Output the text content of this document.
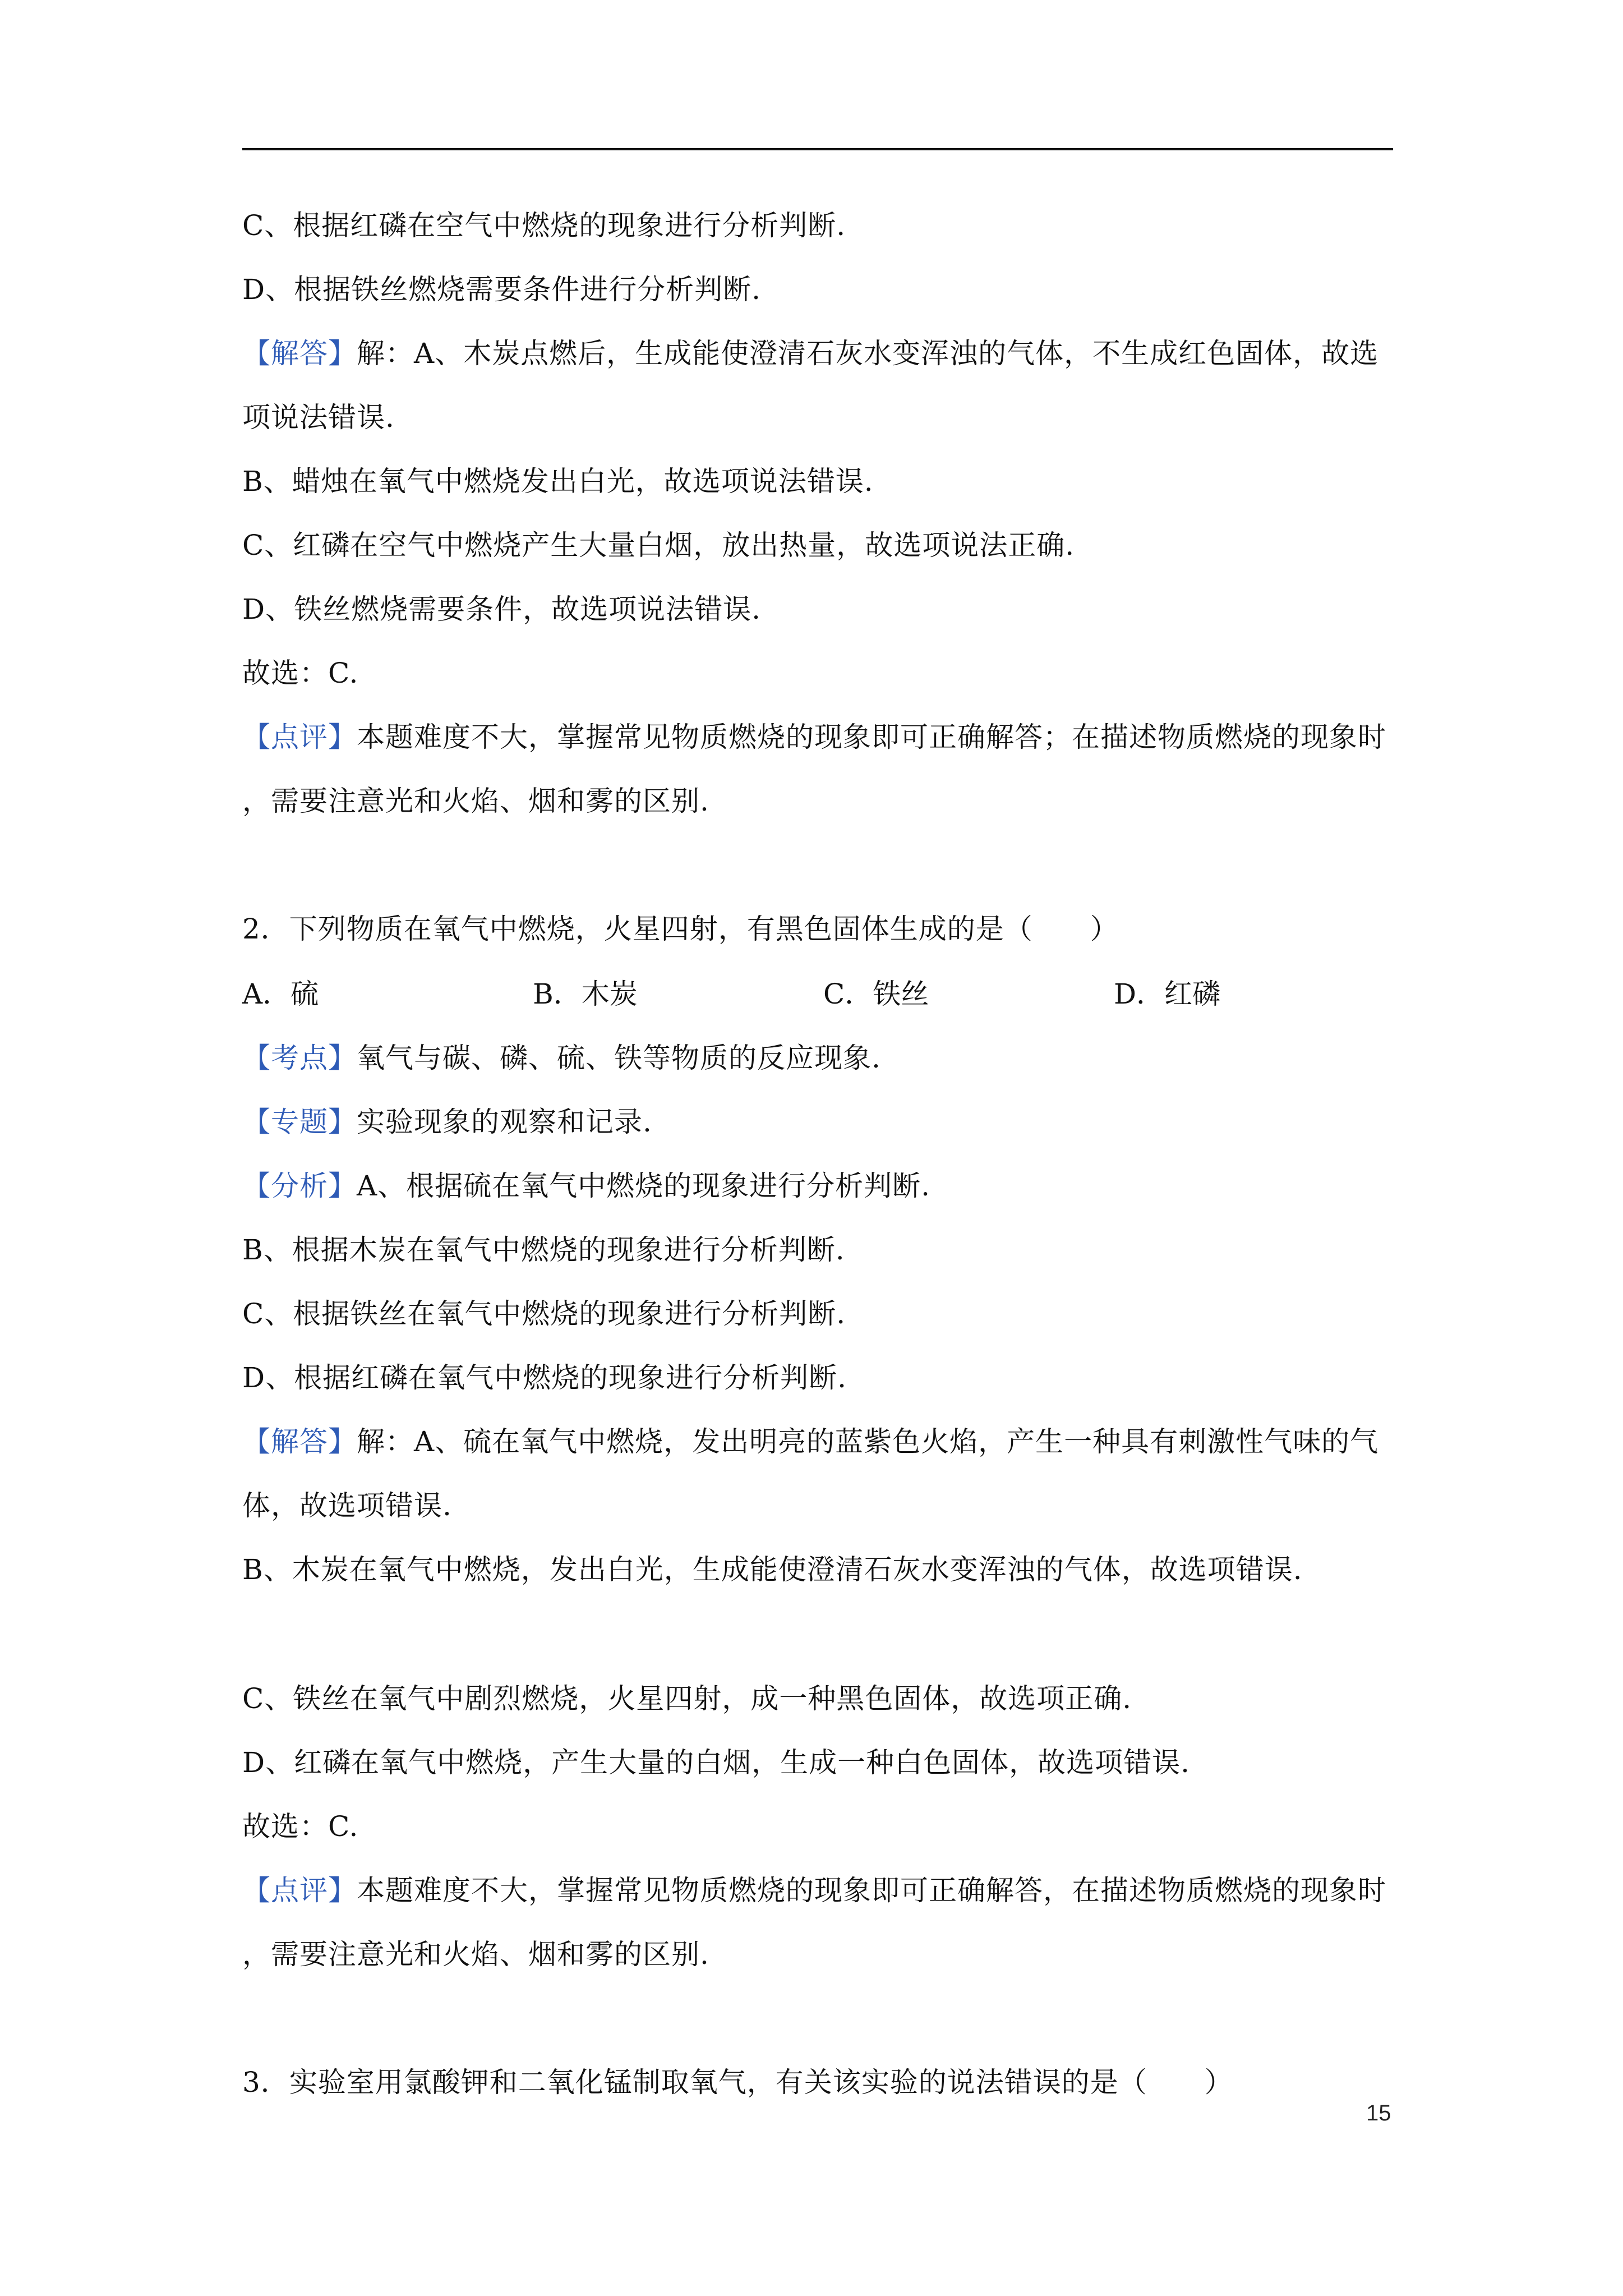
C、根据红磷在空气中燃烧的现象进行分析判断.
D、根据铁丝燃烧需要条件进行分析判断.
【解答】解：A、木炭点燃后，生成能使澄清石灰水变浑浊的气体，不生成红色固体，故选
项说法错误.
B、蜡烛在氧气中燃烧发出白光，故选项说法错误.
C、红磷在空气中燃烧产生大量白烟，放出热量，故选项说法正确.
D、铁丝燃烧需要条件，故选项说法错误.
故选：C.
【点评】本题难度不大，掌握常见物质燃烧的现象即可正确解答；在描述物质燃烧的现象时
，需要注意光和火焰、烟和雾的区别.
2．下列物质在氧气中燃烧，火星四射，有黑色固体生成的是（　　）
A．硫	B．木炭	C．铁丝	D．红磷
【考点】氧气与碳、磷、硫、铁等物质的反应现象.
【专题】实验现象的观察和记录.
【分析】A、根据硫在氧气中燃烧的现象进行分析判断.
B、根据木炭在氧气中燃烧的现象进行分析判断.
C、根据铁丝在氧气中燃烧的现象进行分析判断.
D、根据红磷在氧气中燃烧的现象进行分析判断.
【解答】解：A、硫在氧气中燃烧，发出明亮的蓝紫色火焰，产生一种具有刺激性气味的气
体，故选项错误.
B、木炭在氧气中燃烧，发出白光，生成能使澄清石灰水变浑浊的气体，故选项错误.
C、铁丝在氧气中剧烈燃烧，火星四射，成一种黑色固体，故选项正确.
D、红磷在氧气中燃烧，产生大量的白烟，生成一种白色固体，故选项错误.
故选：C.
【点评】本题难度不大，掌握常见物质燃烧的现象即可正确解答，在描述物质燃烧的现象时
，需要注意光和火焰、烟和雾的区别.
3．实验室用氯酸钾和二氧化锰制取氧气，有关该实验的说法错误的是（　　）
15
